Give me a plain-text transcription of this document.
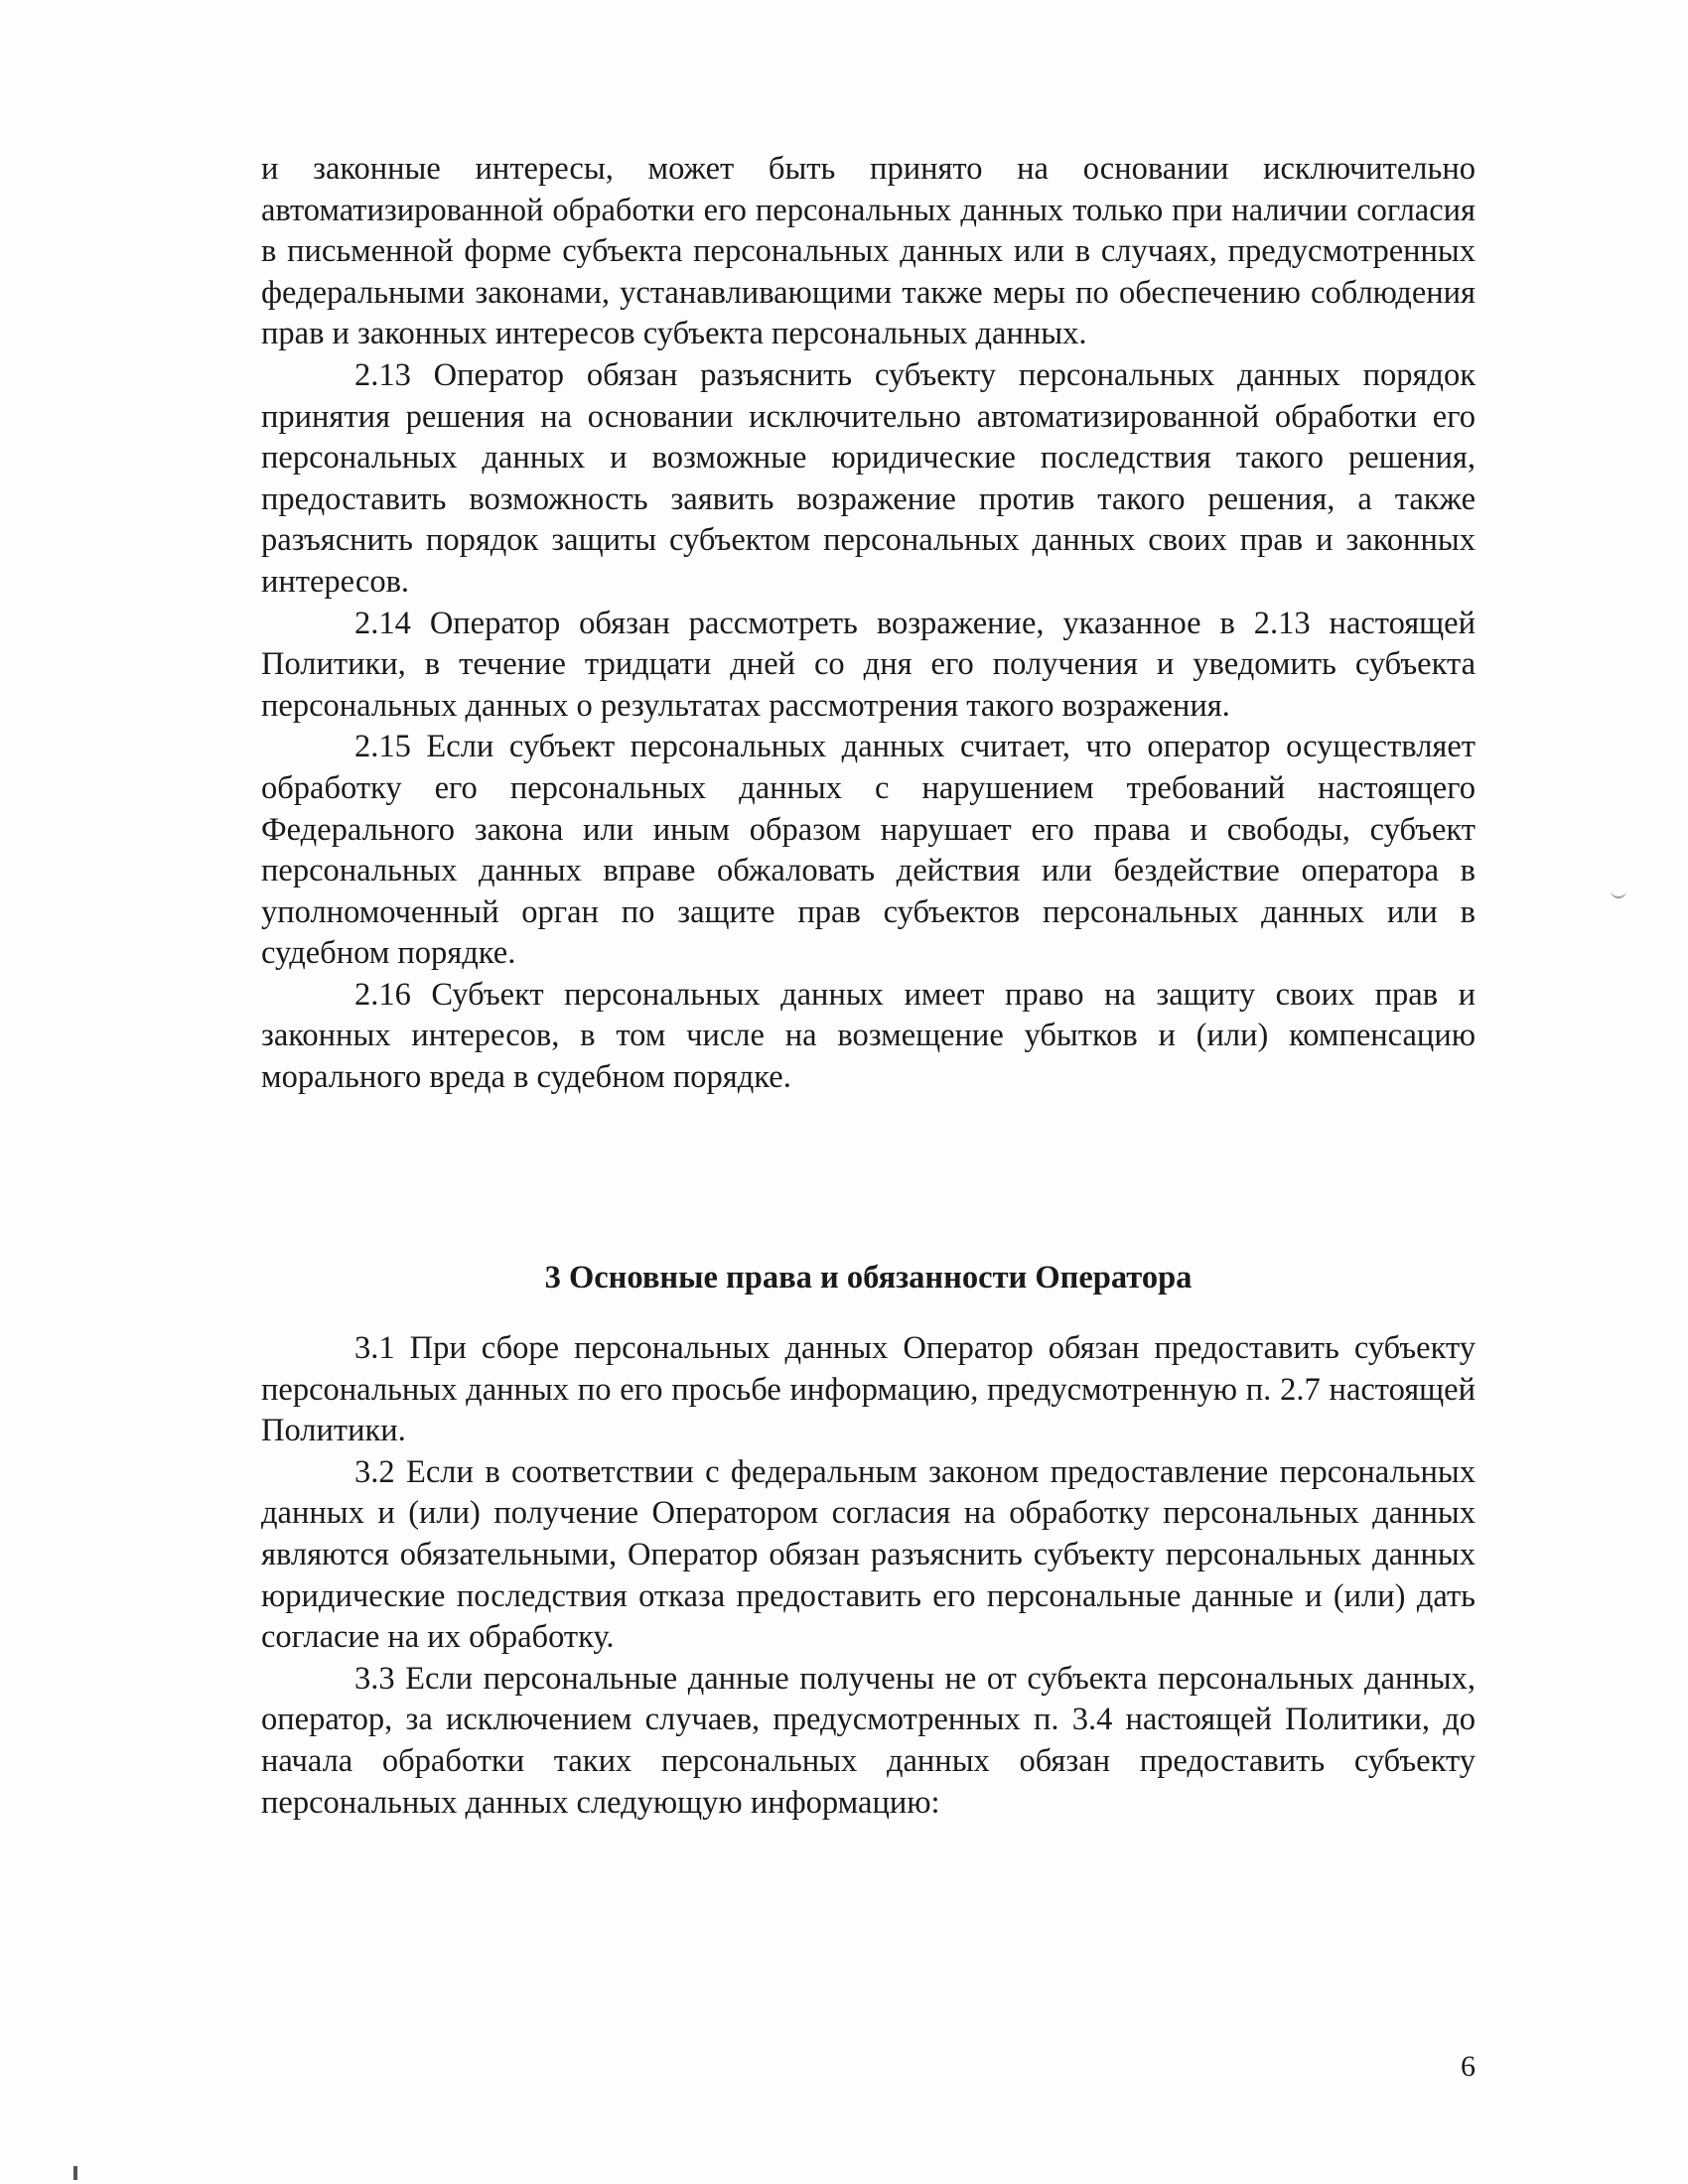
и законные интересы, может быть принято на основании исключительно автоматизированной обработки его персональных данных только при наличии согласия в письменной форме субъекта персональных данных или в случаях, предусмотренных федеральными законами, устанавливающими также меры по обеспечению соблюдения прав и законных интересов субъекта персональных данных.

2.13 Оператор обязан разъяснить субъекту персональных данных порядок принятия решения на основании исключительно автоматизированной обработки его персональных данных и возможные юридические последствия такого решения, предоставить возможность заявить возражение против такого решения, а также разъяснить порядок защиты субъектом персональных данных своих прав и законных интересов.

2.14 Оператор обязан рассмотреть возражение, указанное в 2.13 настоящей Политики, в течение тридцати дней со дня его получения и уведомить субъекта персональных данных о результатах рассмотрения такого возражения.

2.15 Если субъект персональных данных считает, что оператор осуществляет обработку его персональных данных с нарушением требований настоящего Федерального закона или иным образом нарушает его права и свободы, субъект персональных данных вправе обжаловать действия или бездействие оператора в уполномоченный орган по защите прав субъектов персональных данных или в судебном порядке.

2.16 Субъект персональных данных имеет право на защиту своих прав и законных интересов, в том числе на возмещение убытков и (или) компенсацию морального вреда в судебном порядке.

3 Основные права и обязанности Оператора

3.1 При сборе персональных данных Оператор обязан предоставить субъекту персональных данных по его просьбе информацию, предусмотренную п. 2.7 настоящей Политики.

3.2 Если в соответствии с федеральным законом предоставление персональных данных и (или) получение Оператором согласия на обработку персональных данных являются обязательными, Оператор обязан разъяснить субъекту персональных данных юридические последствия отказа предоставить его персональные данные и (или) дать согласие на их обработку.

3.3 Если персональные данные получены не от субъекта персональных данных, оператор, за исключением случаев, предусмотренных п. 3.4 настоящей Политики, до начала обработки таких персональных данных обязан предоставить субъекту персональных данных следующую информацию:

6
